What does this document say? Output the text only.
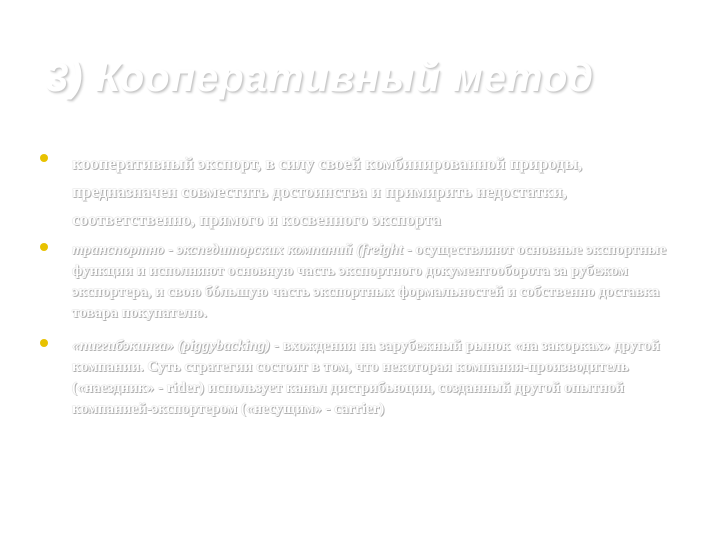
3) Кооперативный метод
кооперативный экспорт, в силу своей комбинированной природы, предназначен совместить достоинства и примирить недостатки, соответственно, прямого и косвенного экспорта
транспортно - экспедиторских компаний (freight - осуществляют основные экспортные функции и исполняют основную часть экспортного документооборота за рубежом экспортера, и свою бóльшую часть экспортных формальностей и собственно доставка товара покупателю.
«пиггибэкинга» (piggybacking) - вхождения на зарубежный рынок «на закорках» другой компании. Суть стратегии состоит в том, что некоторая компания-производитель («наездник» - rider) использует канал дистрибьюции, созданный другой опытной компанией-экспортером («несущим» - carrier)
